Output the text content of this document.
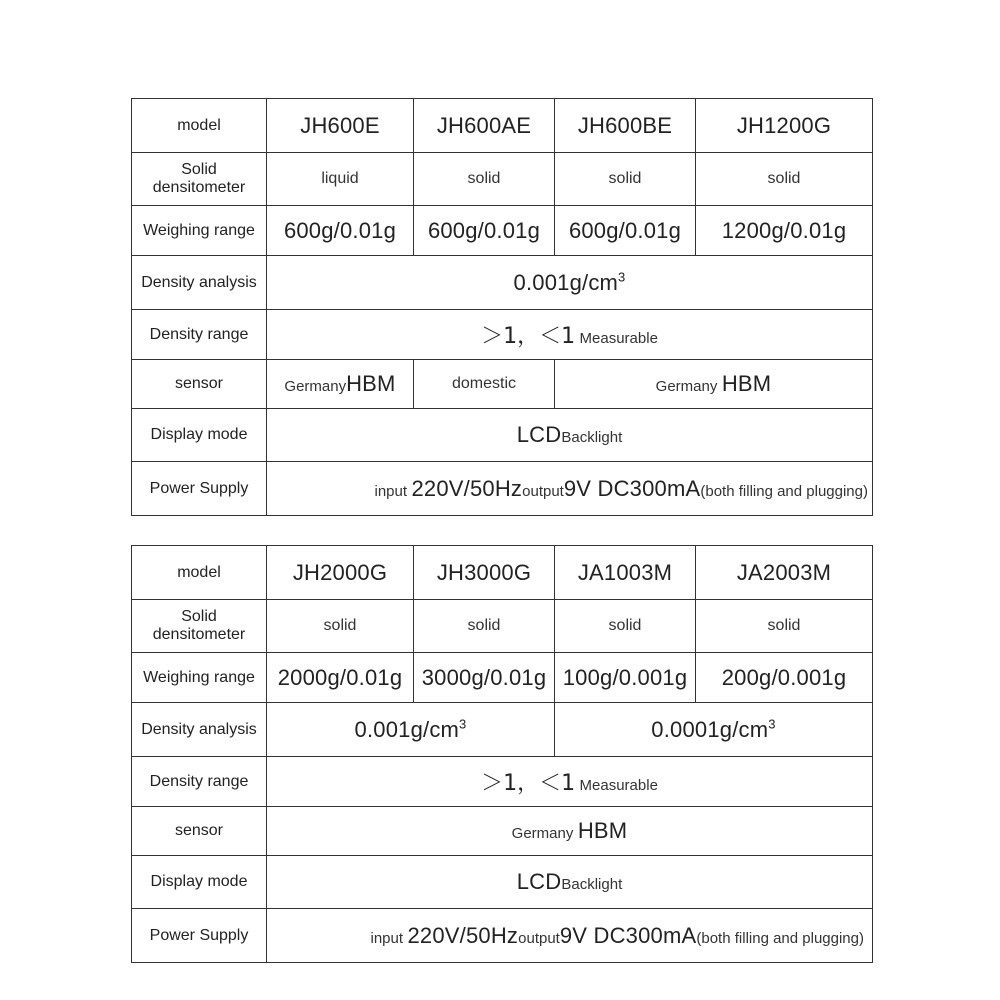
model	JH600E	JH600AE	JH600BE	JH1200G
Solid densitometer	liquid	solid	solid	solid
Weighing range	600g/0.01g	600g/0.01g	600g/0.01g	1200g/0.01g
Density analysis	$0.001g/cm^3$
Density range	＞1，＜1 Measurable			
sensor	GermanyHBM	domestic	Germany HBM	
Display mode	LCDBacklight			
Power Supply	input 220V/50Hzoutput9V DC300mA(both filling and plugging)			
model	JH2000G	JH3000G	JA1003M	JA2003M
Solid densitometer	solid	solid	solid	solid
Weighing range	2000g/0.01g	3000g/0.01g	100g/0.001g	200g/0.001g
Density analysis	$0.001g/cm^3$		$0.0001g/cm^3$
Density range	＞1，＜1 Measurable			
sensor	Germany HBM			
Display mode	LCDBacklight			
Power Supply	input 220V/50Hzoutput9V DC300mA(both filling and plugging)			
